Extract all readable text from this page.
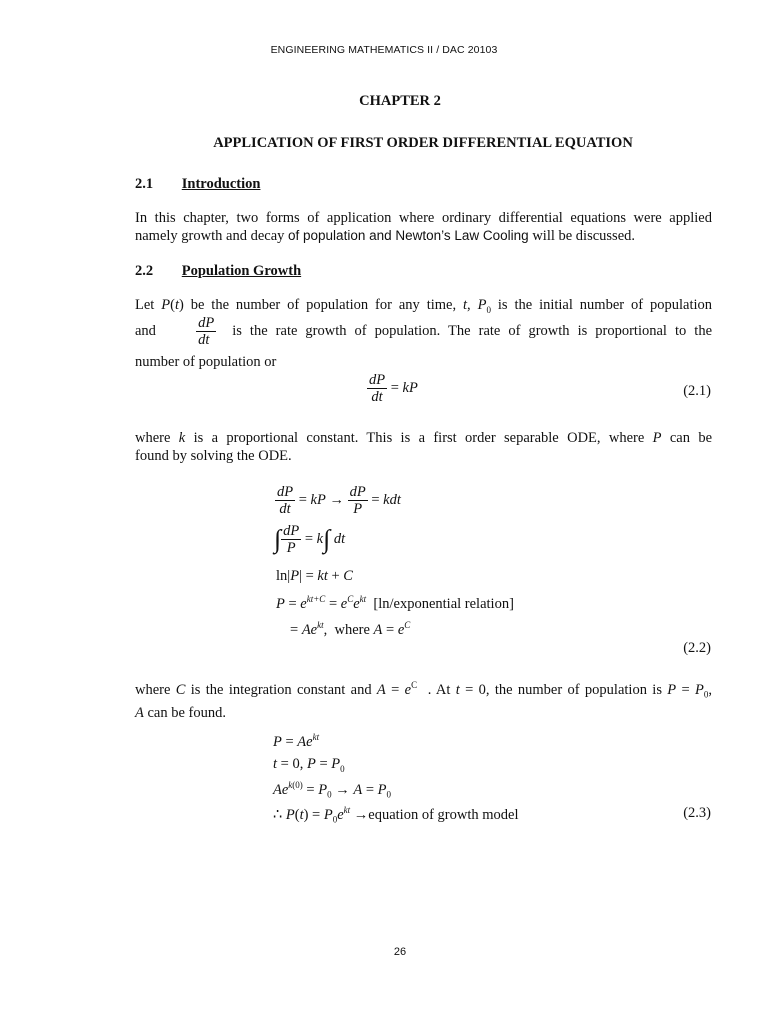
ENGINEERING MATHEMATICS II / DAC 20103
CHAPTER 2
APPLICATION OF FIRST ORDER DIFFERENTIAL EQUATION
2.1 Introduction
In this chapter, two forms of application where ordinary differential equations were applied
namely growth and decay of population and Newton’s Law Cooling will be discussed.
2.2 Population Growth
Let P(t) be the number of population for any time, t, $P_0$ is the initial number of population
and $\frac{dP}{dt}$ is the rate growth of population. The rate of growth is proportional to the
number of population or
$\frac{dP}{dt}$ = kP	(2.1)
where k is a proportional constant. This is a first order separable ODE, where P can be
found by solving the ODE.
$\frac{dP}{dt}$ = kP → $\frac{dP}{P}$ = kdt
∫ $\frac{dP}{P} = k\int$ dt
ln|P| = kt + C
$P = e^{kt+C} = e^Ce^{kt}$ [ln/exponential relation]
= $Ae^{kt}$,  where $A = e^C$
(2.2)
where C is the integration constant and $A = e^C$  . At t = 0, the number of population is $P = P_0$,
A can be found.
$P = Ae^{kt}$
t = 0, $P = P_0$
$Ae^{k(0)} = P_0 \to A = P_0$
∴ $P(t) = P_0e^{kt}$ →equation of growth model	(2.3)
26
